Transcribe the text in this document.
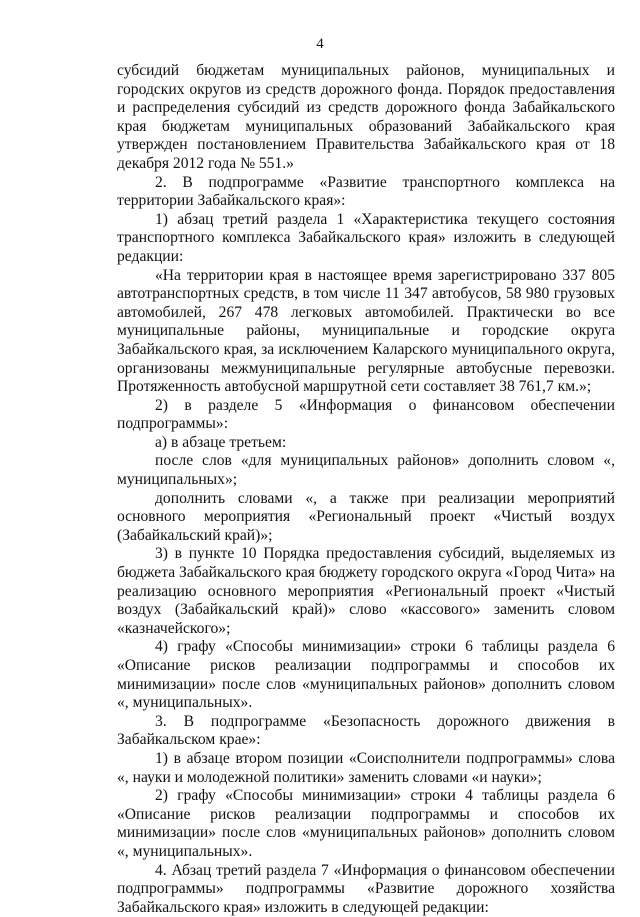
4

субсидий бюджетам муниципальных районов, муниципальных и городских округов из средств дорожного фонда. Порядок предоставления и распределения субсидий из средств дорожного фонда Забайкальского края бюджетам муниципальных образований Забайкальского края утвержден постановлением Правительства Забайкальского края от 18 декабря 2012 года № 551.»

2. В подпрограмме «Развитие транспортного комплекса на территории Забайкальского края»:

1) абзац третий раздела 1 «Характеристика текущего состояния транспортного комплекса Забайкальского края» изложить в следующей редакции:

«На территории края в настоящее время зарегистрировано 337 805 автотранспортных средств, в том числе 11 347 автобусов, 58 980 грузовых автомобилей, 267 478 легковых автомобилей. Практически во все муниципальные районы, муниципальные и городские округа Забайкальского края, за исключением Каларского муниципального округа, организованы межмуниципальные регулярные автобусные перевозки. Протяженность автобусной маршрутной сети составляет 38 761,7 км.»;

2) в разделе 5 «Информация о финансовом обеспечении подпрограммы»:

а) в абзаце третьем:

после слов «для муниципальных районов» дополнить словом «, муниципальных»;

дополнить словами «, а также при реализации мероприятий основного мероприятия «Региональный проект «Чистый воздух (Забайкальский край)»;

3) в пункте 10 Порядка предоставления субсидий, выделяемых из бюджета Забайкальского края бюджету городского округа «Город Чита» на реализацию основного мероприятия «Региональный проект «Чистый воздух (Забайкальский край)» слово «кассового» заменить словом «казначейского»;

4) графу «Способы минимизации» строки 6 таблицы раздела 6 «Описание рисков реализации подпрограммы и способов их минимизации» после слов «муниципальных районов» дополнить словом «, муниципальных».

3. В подпрограмме «Безопасность дорожного движения в Забайкальском крае»:

1) в абзаце втором позиции «Соисполнители подпрограммы» слова «, науки и молодежной политики» заменить словами «и науки»;

2) графу «Способы минимизации» строки 4 таблицы раздела 6 «Описание рисков реализации подпрограммы и способов их минимизации» после слов «муниципальных районов» дополнить словом «, муниципальных».

4. Абзац третий раздела 7 «Информация о финансовом обеспечении подпрограммы» подпрограммы «Развитие дорожного хозяйства Забайкальского края» изложить в следующей редакции:
